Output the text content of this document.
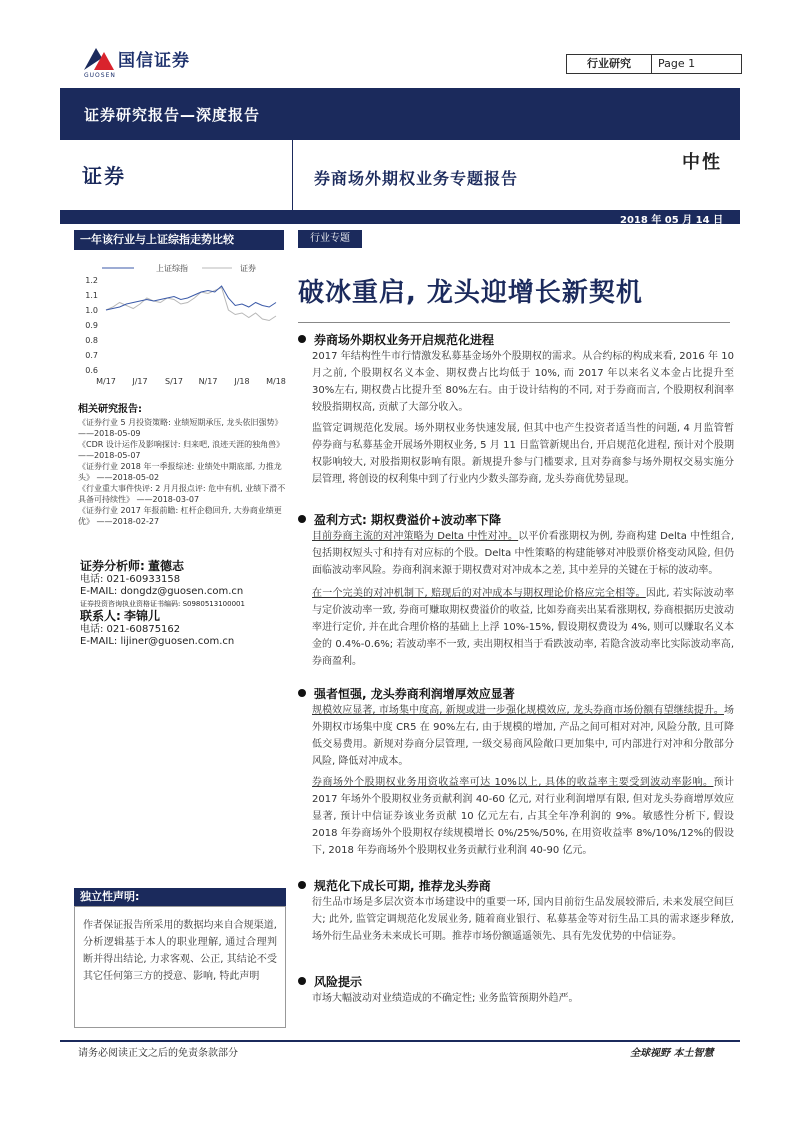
国信证券
GUOSEN
行业研究	Page 1
证券研究报告—深度报告
证券
中性
券商场外期权业务专题报告
2018 年 05 月 14 日
一年该行业与上证综指走势比较
上证综指	证券
1.2
1.1
1.0
0.9
0.8
0.7
0.6
M/17 J/17 S/17 N/17 J/18 M/18
相关研究报告:

《证券行业 5 月投资策略: 业绩短期承压, 龙头依旧强势》 ——2018-05-09

《CDR 设计运作及影响探讨: 归来吧, 浪迹天涯的独角兽》 ——2018-05-07

《证券行业 2018 年一季报综述: 业绩处中期底部, 力推龙头》 ——2018-05-02

《行业重大事件快评: 2 月月报点评: 危中有机, 业绩下滑不具备可持续性》 ——2018-03-07

《证券行业 2017 年报前瞻: 杠杆企稳回升, 大券商业绩更优》 ——2018-02-27

证券分析师: 董德志
电话: 021-60933158
E-MAIL: dongdz@guosen.com.cn
证券投资咨询执业资格证书编码: S0980513100001
联系人: 李锦儿
电话: 021-60875162
E-MAIL: lijiner@guosen.com.cn
独立性声明:
作者保证报告所采用的数据均来自合规渠道, 分析逻辑基于本人的职业理解, 通过合理判断并得出结论, 力求客观、公正, 其结论不受其它任何第三方的授意、影响, 特此声明
行业专题
破冰重启, 龙头迎增长新契机
券商场外期权业务开启规范化进程

2017 年结构性牛市行情激发私募基金场外个股期权的需求。从合约标的构成来看, 2016 年 10 月之前, 个股期权名义本金、期权费占比均低于 10%, 而 2017 年以来名义本金占比提升至 30%左右, 期权费占比提升至 80%左右。由于设计结构的不同, 对于券商而言, 个股期权利润率较股指期权高, 贡献了大部分收入。

监管定调规范化发展。场外期权业务快速发展, 但其中也产生投资者适当性的问题, 4 月监管暂停券商与私募基金开展场外期权业务, 5 月 11 日监管新规出台, 开启规范化进程, 预计对个股期权影响较大, 对股指期权影响有限。新规提升参与门槛要求, 且对券商参与场外期权交易实施分层管理, 将创设的权利集中到了行业内少数头部券商, 龙头券商优势显现。

盈利方式: 期权费溢价+波动率下降

目前券商主流的对冲策略为 Delta 中性对冲。以平价看涨期权为例, 券商构建 Delta 中性组合, 包括期权短头寸和持有对应标的个股。Delta 中性策略的构建能够对冲股票价格变动风险, 但仍面临波动率风险。券商利润来源于期权费对对冲成本之差, 其中差异的关键在于标的波动率。

在一个完美的对冲机制下, 赔现后的对冲成本与期权理论价格应完全相等。因此, 若实际波动率与定价波动率一致, 券商可赚取期权费溢价的收益, 比如券商卖出某看涨期权, 券商根据历史波动率进行定价, 并在此合理价格的基础上上浮 10%-15%, 假设期权费设为 4%, 则可以赚取名义本金的 0.4%-0.6%; 若波动率不一致, 卖出期权相当于看跌波动率, 若隐含波动率比实际波动率高, 券商盈利。

强者恒强, 龙头券商利润增厚效应显著

规模效应显著, 市场集中度高, 新规或进一步强化规模效应, 龙头券商市场份额有望继续提升。场外期权市场集中度 CR5 在 90%左右, 由于规模的增加, 产品之间可相对对冲, 风险分散, 且可降低交易费用。新规对券商分层管理, 一级交易商风险敞口更加集中, 可内部进行对冲和分散部分风险, 降低对冲成本。

券商场外个股期权业务用资收益率可达 10%以上, 具体的收益率主要受到波动率影响。预计 2017 年场外个股期权业务贡献利润 40-60 亿元, 对行业利润增厚有限, 但对龙头券商增厚效应显著, 预计中信证券该业务贡献 10 亿元左右, 占其全年净利润的 9%。敏感性分析下, 假设 2018 年券商场外个股期权存续规模增长 0%/25%/50%, 在用资收益率 8%/10%/12%的假设下, 2018 年券商场外个股期权业务贡献行业利润 40-90 亿元。

规范化下成长可期, 推荐龙头券商

衍生品市场是多层次资本市场建设中的重要一环, 国内目前衍生品发展较滞后, 未来发展空间巨大; 此外, 监管定调规范化发展业务, 随着商业银行、私募基金等对衍生品工具的需求逐步释放, 场外衍生品业务未来成长可期。推荐市场份额遥遥领先、具有先发优势的中信证券。

风险提示

市场大幅波动对业绩造成的不确定性; 业务监管预期外趋严。

请务必阅读正文之后的免责条款部分	全球视野 本土智慧
